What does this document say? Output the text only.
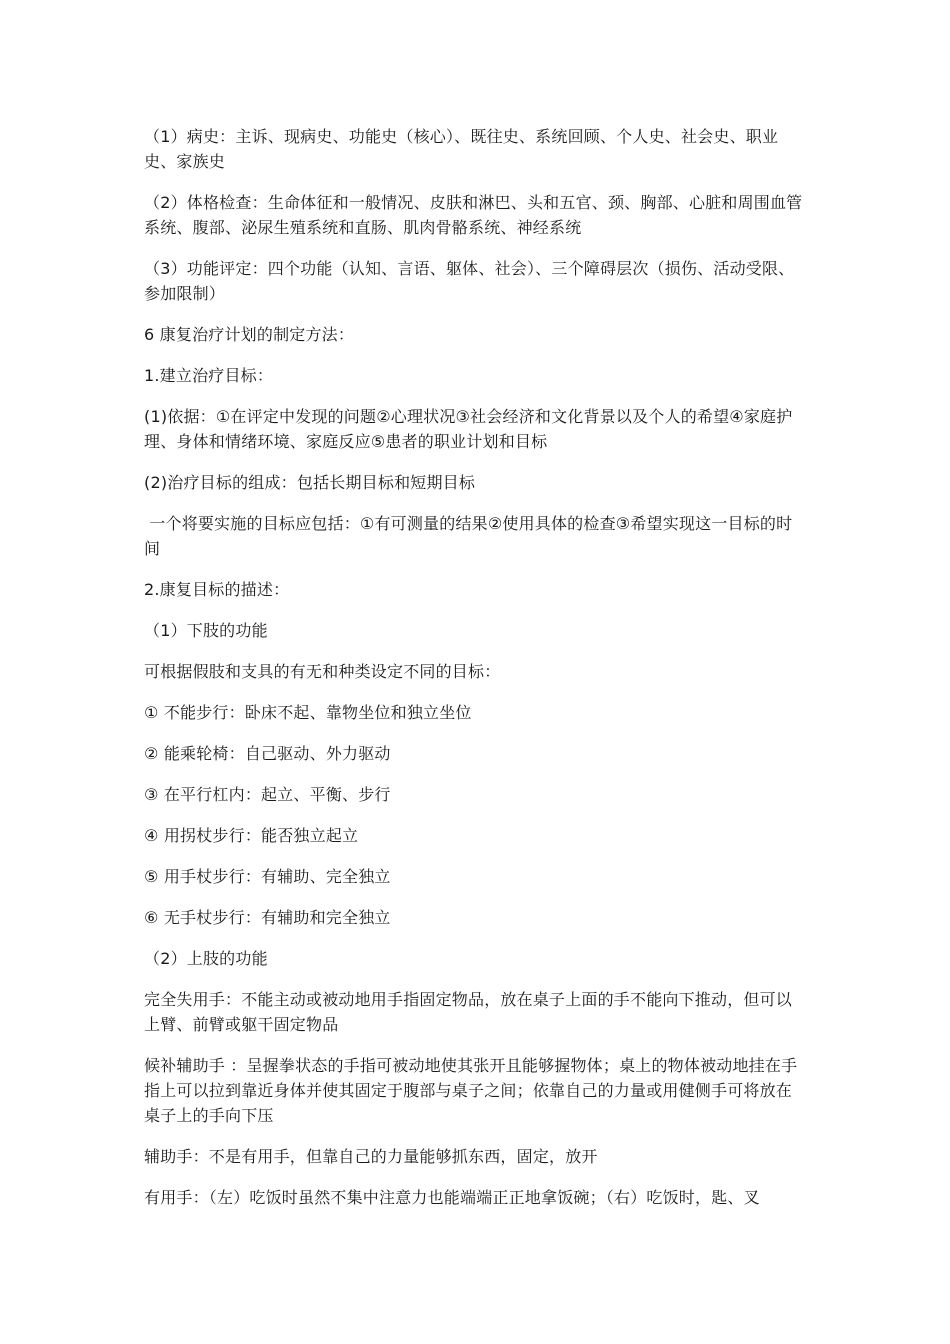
（1）病史：主诉、现病史、功能史（核心）、既往史、系统回顾、个人史、社会史、职业史、家族史

（2）体格检查：生命体征和一般情况、皮肤和淋巴、头和五官、颈、胸部、心脏和周围血管系统、腹部、泌尿生殖系统和直肠、肌肉骨骼系统、神经系统

（3）功能评定：四个功能（认知、言语、躯体、社会）、三个障碍层次（损伤、活动受限、参加限制）

6 康复治疗计划的制定方法：

1.建立治疗目标：

(1)依据：①在评定中发现的问题②心理状况③社会经济和文化背景以及个人的希望④家庭护理、身体和情绪环境、家庭反应⑤患者的职业计划和目标

(2)治疗目标的组成：包括长期目标和短期目标

一个将要实施的目标应包括：①有可测量的结果②使用具体的检查③希望实现这一目标的时间

2.康复目标的描述：

（1）下肢的功能

可根据假肢和支具的有无和种类设定不同的目标：

① 不能步行：卧床不起、靠物坐位和独立坐位

② 能乘轮椅：自己驱动、外力驱动

③ 在平行杠内：起立、平衡、步行

④ 用拐杖步行：能否独立起立

⑤ 用手杖步行：有辅助、完全独立

⑥ 无手杖步行：有辅助和完全独立

（2）上肢的功能

完全失用手：不能主动或被动地用手指固定物品，放在桌子上面的手不能向下推动，但可以上臂、前臂或躯干固定物品

候补辅助手 ：呈握拳状态的手指可被动地使其张开且能够握物体；桌上的物体被动地挂在手指上可以拉到靠近身体并使其固定于腹部与桌子之间；依靠自己的力量或用健侧手可将放在桌子上的手向下压

辅助手：不是有用手，但靠自己的力量能够抓东西，固定，放开

有用手：（左）吃饭时虽然不集中注意力也能端端正正地拿饭碗；（右）吃饭时，匙、叉
